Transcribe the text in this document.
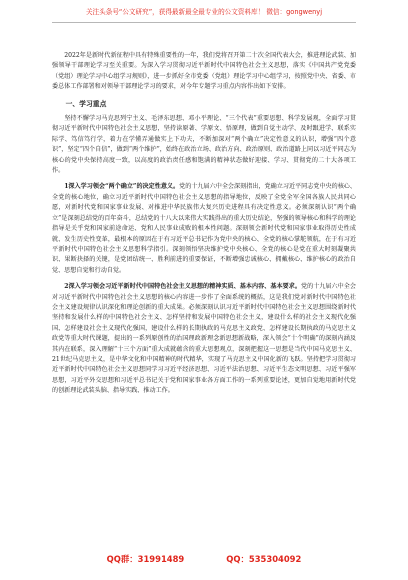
关注头条号“公文研究”，获得最新最全最专业的公文资料库！ 微信：gongwenyj

2022年是新时代新征程中具有特殊重要性的一年，我们党将召开第二十次全国代表大会，推进理论武装、加强领导干部理论学习至关重要。为深入学习贯彻习近平新时代中国特色社会主义思想，落实《中国共产党党委（党组）理论学习中心组学习规则》，进一步抓好全市党委（党组）理论学习中心组学习，按照党中央、省委、市委总体工作部署和对领导干部理论学习的要求，对今年专题学习重点内容作出如下安排。

一、学习重点

坚持不懈学习马克思列宁主义、毛泽东思想、邓小平理论、“三个代表”重要思想、科学发展观，全面学习贯彻习近平新时代中国特色社会主义思想，坚持读原著、学原文、悟原理，做到自觉主动学、及时跟进学、联系实际学、笃信笃行学，着力在学懂弄通做实上下功夫，不断加深对“两个确立”决定性意义的认识，增强“四个意识”，坚定“四个自信”，做到“两个维护”，始终在政治立场、政治方向、政治原则、政治道路上同以习近平同志为核心的党中央保持高度一致，以高度的政治责任感和饱满的精神状态做好迎接、学习、贯彻党的二十大各项工作。

1深入学习领会“两个确立”的决定性意义。党的十九届六中全会深刻指出，党确立习近平同志党中央的核心、全党的核心地位，确立习近平新时代中国特色社会主义思想的指导地位，反映了全党全军全国各族人民共同心愿，对新时代党和国家事业发展、对推进中华民族伟大复兴历史进程具有决定性意义。必须深刻认识“两个确立”是深刻总结党的百年奋斗，总结党的十八大以来伟大实践得出的重大历史结论，坚强的领导核心和科学的理论指导是关乎党和国家前途命运、党和人民事业成败的根本性问题。深刻领会新时代党和国家事业取得历史性成就、发生历史性变革，最根本的原因在于有习近平总书记作为党中央的核心、全党的核心掌舵领航，在于有习近平新时代中国特色社会主义思想科学指引。深刻领悟坚决维护党中央核心、全党的核心是党在重大时刻凝聚共识、果断抉择的关键，是党团结统一、胜利前进的重要保证，不断增强忠诚核心、拥戴核心、维护核心的政治自觉、思想自觉和行动自觉。

2深入学习领会习近平新时代中国特色社会主义思想的精神实质、基本内容、基本要求。党的十九届六中全会对习近平新时代中国特色社会主义思想的核心内容进一步作了全面系统的概括，这是我们党对新时代中国特色社会主义建设规律认识深化和理论创新的重大成果。必须深刻认识习近平新时代中国特色社会主义思想围绕新时代坚持和发展什么样的中国特色社会主义、怎样坚持和发展中国特色社会主义，建设什么样的社会主义现代化强国、怎样建设社会主义现代化强国，建设什么样的长期执政的马克思主义政党、怎样建设长期执政的马克思主义政党等重大时代课题，提出的一系列原创性的治国理政新理念新思想新战略，深入领会“十个明确”的深刻内涵及其内在联系，深入理解“十三个方面”重大成就蕴含的重大思想观点，深刻把握这一思想是当代中国马克思主义、21世纪马克思主义，是中华文化和中国精神的时代精华，实现了马克思主义中国化新的飞跃。坚持把学习贯彻习近平新时代中国特色社会主义思想同学习习近平经济思想、习近平法治思想、习近平生态文明思想、习近平强军思想，习近平外交思想和习近平总书记关于党和国家事业各方面工作的一系列重要论述，更加自觉地用新时代党的创新理论武装头脑、指导实践、推动工作。

QQ群：31991489	QQ：535304092
